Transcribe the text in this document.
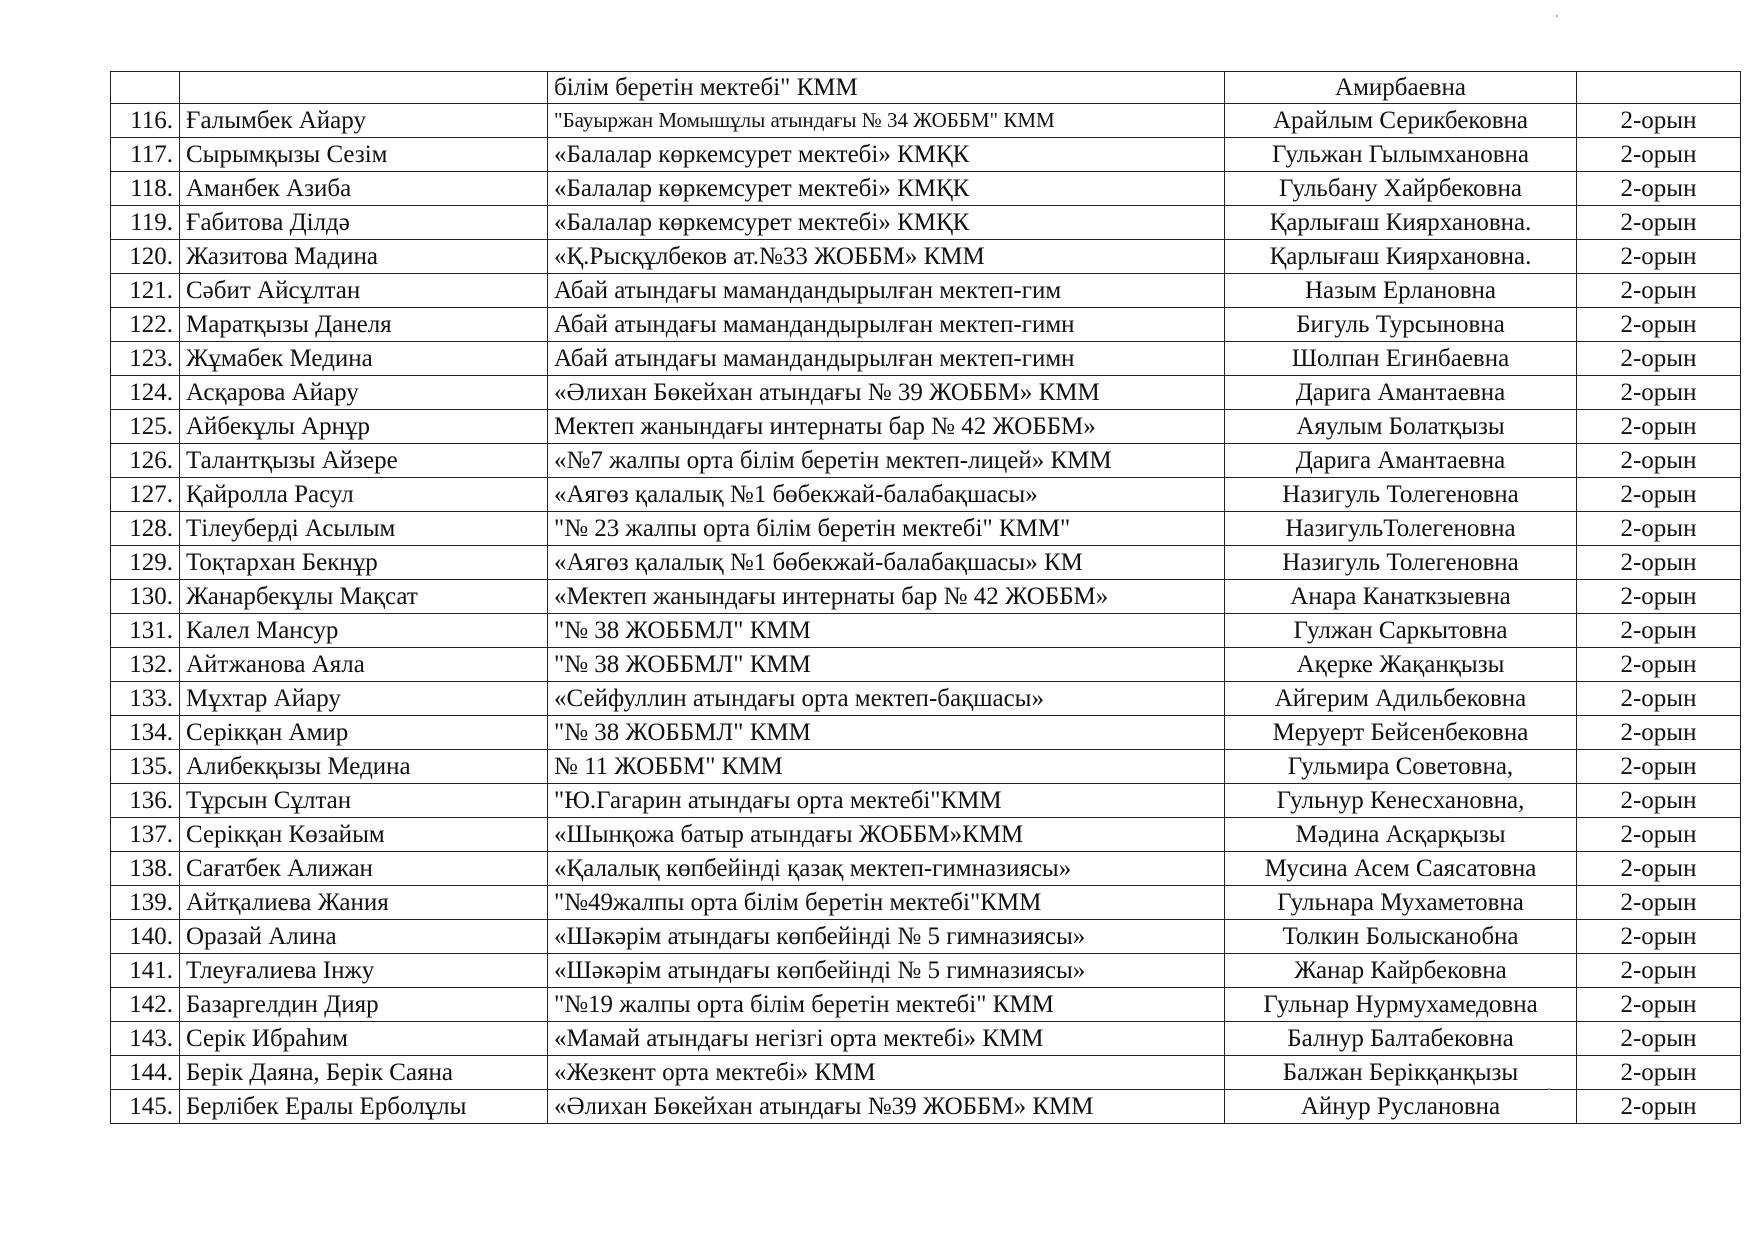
		білім беретін мектебі" КММ	Амирбаевна	
116.	Ғалымбек Айару	"Бауыржан Момышұлы атындағы № 34 ЖОББМ" КММ	Арайлым Серикбековна	2-орын
117.	Сырымқызы Сезім	«Балалар көркемсурет мектебі» КМҚК	Гульжан Гылымхановна	2-орын
118.	Аманбек Азиба	«Балалар көркемсурет мектебі» КМҚК	Гульбану Хайрбековна	2-орын
119.	Ғабитова Ділдә	«Балалар көркемсурет мектебі» КМҚК	Қарлығаш Киярхановна.	2-орын
120.	Жазитова Мадина	«Қ.Рысқұлбеков ат.№33 ЖОББМ» КММ	Қарлығаш Киярхановна.	2-орын
121.	Сәбит Айсұлтан	Абай атындағы мамандандырылған мектеп-гим	Назым Ерлановна	2-орын
122.	Маратқызы Данеля	Абай атындағы мамандандырылған мектеп-гимн	Бигуль Турсыновна	2-орын
123.	Жұмабек Медина	Абай атындағы мамандандырылған мектеп-гимн	Шолпан Егинбаевна	2-орын
124.	Асқарова Айару	«Әлихан Бөкейхан атындағы № 39 ЖОББМ» КММ	Дарига Амантаевна	2-орын
125.	Айбекұлы Арнұр	Мектеп жанындағы интернаты бар № 42 ЖОББМ»	Аяулым Болатқызы	2-орын
126.	Талантқызы Айзере	«№7 жалпы орта білім беретін мектеп-лицей» КММ	Дарига Амантаевна	2-орын
127.	Қайролла Расул	«Аягөз қалалық №1 бөбекжай-балабақшасы»	Назигуль Толегеновна	2-орын
128.	Тілеуберді Асылым	"№ 23 жалпы орта білім беретін мектебі" КММ"	НазигульТолегеновна	2-орын
129.	Тоқтархан Бекнұр	«Аягөз қалалық №1 бөбекжай-балабақшасы» КМ	Назигуль Толегеновна	2-орын
130.	Жанарбекұлы Мақсат	«Мектеп жанындағы интернаты бар № 42 ЖОББМ»	Анара Канаткзыевна	2-орын
131.	Калел Мансур	"№ 38 ЖОББМЛ" КММ	Гулжан Саркытовна	2-орын
132.	Айтжанова Аяла	"№ 38 ЖОББМЛ" КММ	Ақерке Жақанқызы	2-орын
133.	Мұхтар Айару	«Сейфуллин атындағы орта мектеп-бақшасы»	Айгерим Адильбековна	2-орын
134.	Серікқан Амир	"№ 38 ЖОББМЛ" КММ	Меруерт Бейсенбековна	2-орын
135.	Алибекқызы Медина	№ 11 ЖОББМ" КММ	Гульмира Советовна,	2-орын
136.	Тұрсын Сұлтан	"Ю.Гагарин атындағы орта мектебі"КММ	Гульнур Кенесхановна,	2-орын
137.	Серікқан Көзайым	«Шынқожа батыр атындағы ЖОББМ»КММ	Мәдина Асқарқызы	2-орын
138.	Сағатбек Алижан	«Қалалық көпбейінді қазақ мектеп-гимназиясы»	Мусина Асем Саясатовна	2-орын
139.	Айтқалиева Жания	"№49жалпы орта білім беретін мектебі"КММ	Гульнара Мухаметовна	2-орын
140.	Оразай Алина	«Шәкәрім атындағы көпбейінді № 5 гимназиясы»	Толкин Болысканобна	2-орын
141.	Тлеуғалиева Інжу	«Шәкәрім атындағы көпбейінді № 5 гимназиясы»	Жанар Кайрбековна	2-орын
142.	Базаргелдин Дияр	"№19 жалпы орта білім беретін мектебі" КММ	Гульнар Нурмухамедовна	2-орын
143.	Серік Ибраһим	«Мамай атындағы негізгі орта мектебі» КММ	Балнур Балтабековна	2-орын
144.	Берік Даяна, Берік Саяна	«Жезкент орта мектебі» КММ	Балжан Берікқанқызы	2-орын
145.	Берлібек Ералы Ерболұлы	«Әлихан Бөкейхан атындағы №39 ЖОББМ» КММ	Айнур Руслановна	2-орын
